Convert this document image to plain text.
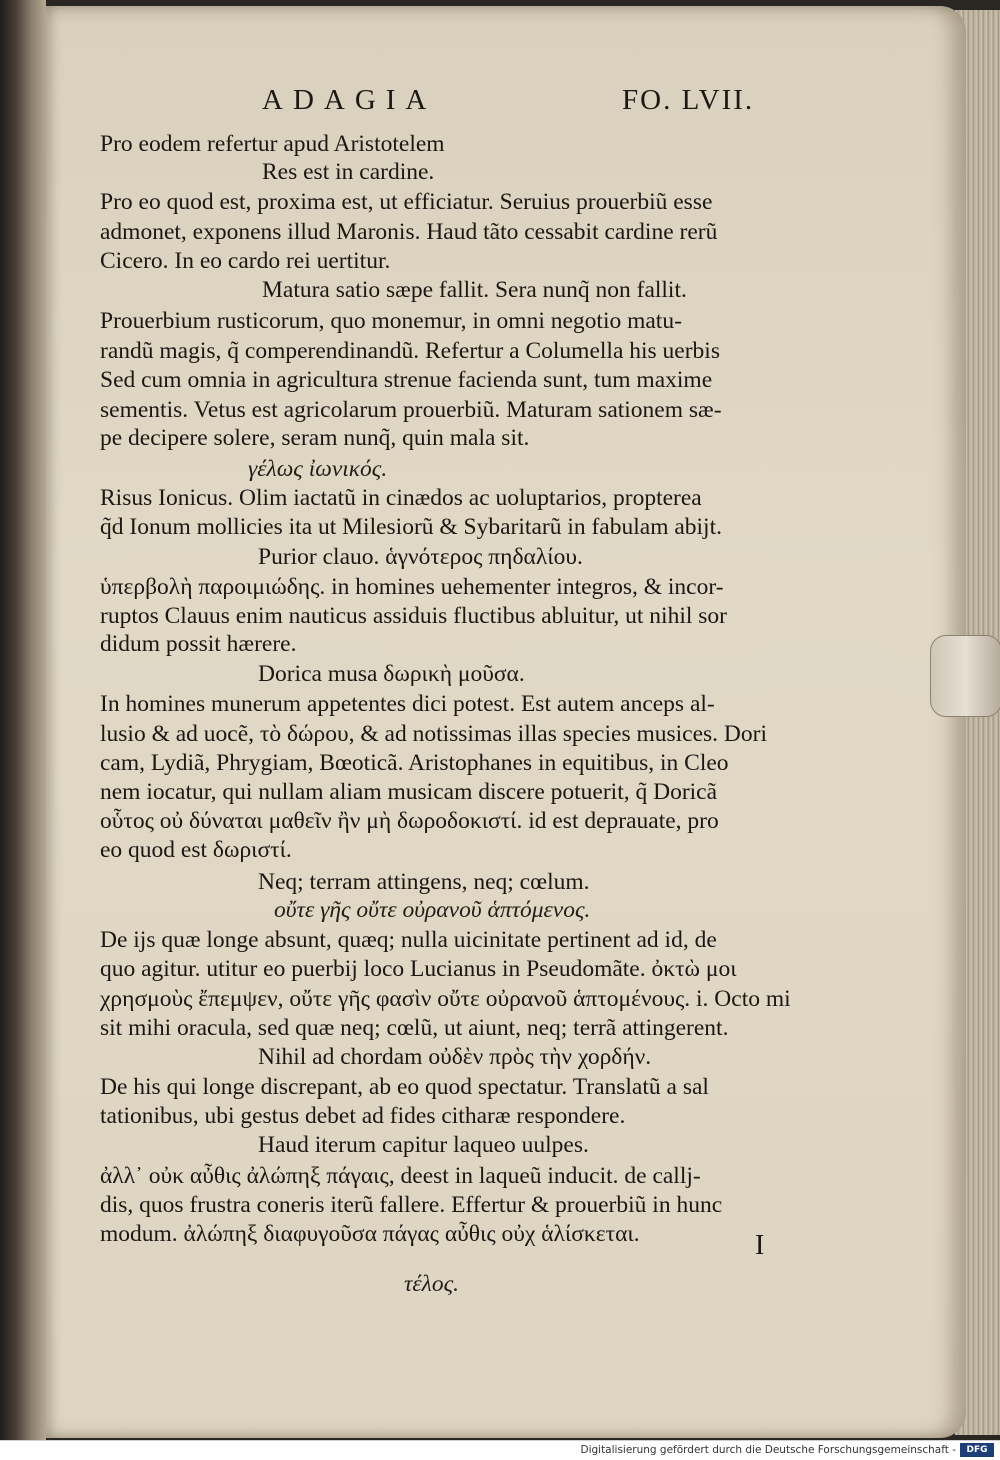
ADAGIA	FO. LVII.
Pro eodem refertur apud Aristotelem
Res est in cardine.
Pro eo quod est, proxima est, ut efficiatur. Seruius prouerbiũ esse
admonet, exponens illud Maronis. Haud tãto cessabit cardine rerũ
Cicero. In eo cardo rei uertitur.
Matura satio sæpe fallit. Sera nunq̃ non fallit.
Prouerbium rusticorum, quo monemur, in omni negotio matu-
randũ magis, q̃ comperendinandũ. Refertur a Columella his uerbis
Sed cum omnia in agricultura strenue facienda sunt, tum maxime
sementis. Vetus est agricolarum prouerbiũ. Maturam sationem sæ-
pe decipere solere, seram nunq̃, quin mala sit.
γέλως ἰωνικός.
Risus Ionicus. Olim iactatũ in cinædos ac uoluptarios, propterea
q̃d Ionum mollicies ita ut Milesiorũ & Sybaritarũ in fabulam abijt.
Purior clauo. ἁγνότερος πηδαλίου.
ὑπερβολὴ παροιμιώδης. in homines uehementer integros, & incor-
ruptos Clauus enim nauticus assiduis fluctibus abluitur, ut nihil sor
didum possit hærere.
Dorica musa δωρικὴ μοῦσα.
In homines munerum appetentes dici potest. Est autem anceps al-
lusio & ad uocẽ, τὸ δώρου, & ad notissimas illas species musices. Dori
cam, Lydiã, Phrygiam, Bœoticã. Aristophanes in equitibus, in Cleo
nem iocatur, qui nullam aliam musicam discere potuerit, q̃ Doricã
οὗτος οὐ δύναται μαθεῖν ἢν μὴ δωροδοκιστί. id est deprauate, pro
eo quod est δωριστί.
Neq; terram attingens, neq; cœlum.
οὔτε γῆς οὔτε οὐρανοῦ ἁπτόμενος.
De ijs quæ longe absunt, quæq; nulla uicinitate pertinent ad id, de
quo agitur. utitur eo puerbij loco Lucianus in Pseudomãte. ὀκτὼ μοι
χρησμοὺς ἔπεμψεν, οὔτε γῆς φασὶν οὔτε οὐρανοῦ ἁπτομένους. i. Octo mi
sit mihi oracula, sed quæ neq; cœlũ, ut aiunt, neq; terrã attingerent.
Nihil ad chordam οὐδὲν πρὸς τὴν χορδήν.
De his qui longe discrepant, ab eo quod spectatur. Translatũ a sal
tationibus, ubi gestus debet ad fides citharæ respondere.
Haud iterum capitur laqueo uulpes.
ἀλλ᾽ οὐκ αὖθις ἀλώπηξ πάγαις, deest in laqueũ inducit. de callj-
dis, quos frustra coneris iterũ fallere. Effertur & prouerbiũ in hunc
modum. ἀλώπηξ διαφυγοῦσα πάγας αὖθις οὐχ ἁλίσκεται.
τέλος.
I
Digitalisierung gefördert durch die Deutsche Forschungsgemeinschaft -	DFG
